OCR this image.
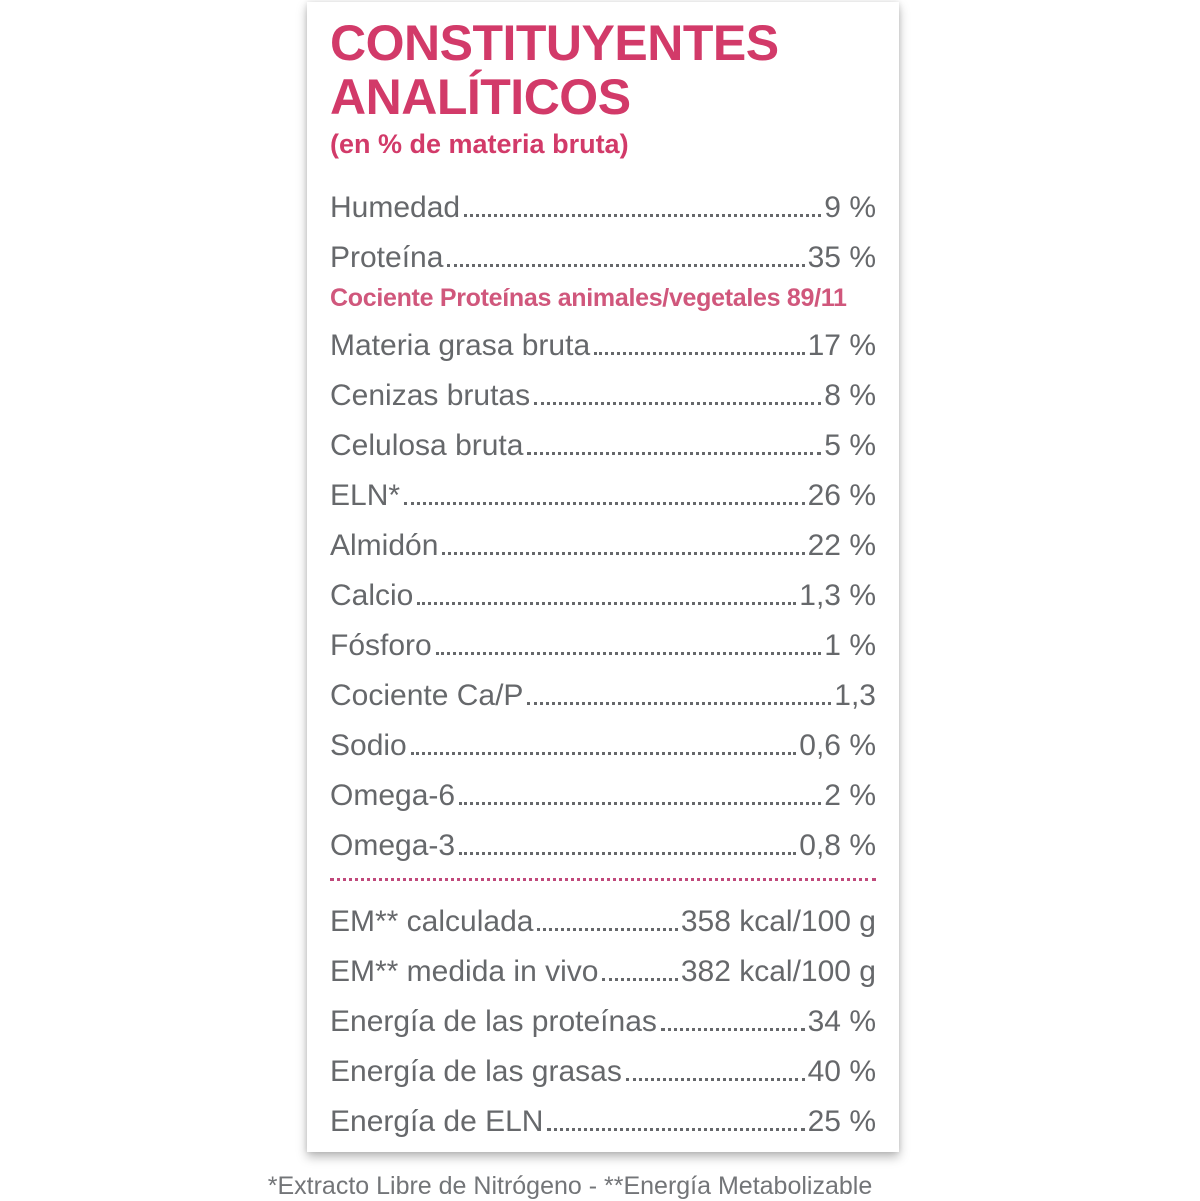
CONSTITUYENTES
ANALÍTICOS
(en % de materia bruta)
Humedad	9 %
Proteína	35 %
Cociente Proteínas animales/vegetales 89/11
Materia grasa bruta	17 %
Cenizas brutas	8 %
Celulosa bruta	5 %
ELN*	26 %
Almidón	22 %
Calcio	1,3 %
Fósforo	1 %
Cociente Ca/P	1,3
Sodio	0,6 %
Omega-6	2 %
Omega-3	0,8 %
EM** calculada	358 kcal/100 g
EM** medida in vivo	382 kcal/100 g
Energía de las proteínas	34 %
Energía de las grasas	40 %
Energía de ELN	25 %
*Extracto Libre de Nitrógeno - **Energía Metabolizable
